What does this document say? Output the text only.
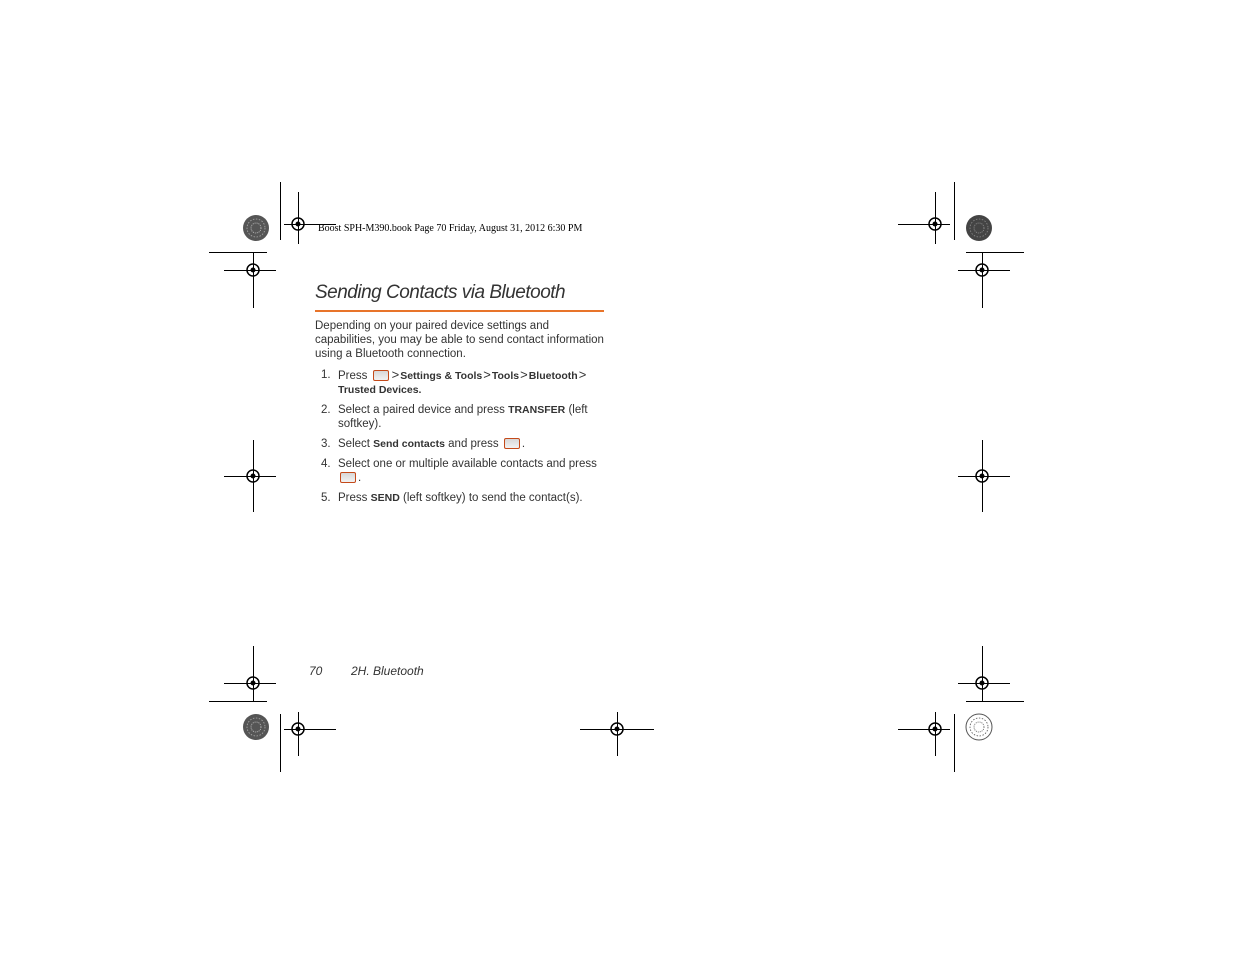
Boost SPH-M390.book Page 70 Friday, August 31, 2012 6:30 PM
Sending Contacts via Bluetooth
Depending on your paired device settings and capabilities, you may be able to send contact information using a Bluetooth connection.
1. Press >Settings & Tools>Tools>Bluetooth> Trusted Devices.
2. Select a paired device and press TRANSFER (left softkey).
3. Select Send contacts and press .
4. Select one or multiple available contacts and press .
5. Press SEND (left softkey) to send the contact(s).
70 2H. Bluetooth
